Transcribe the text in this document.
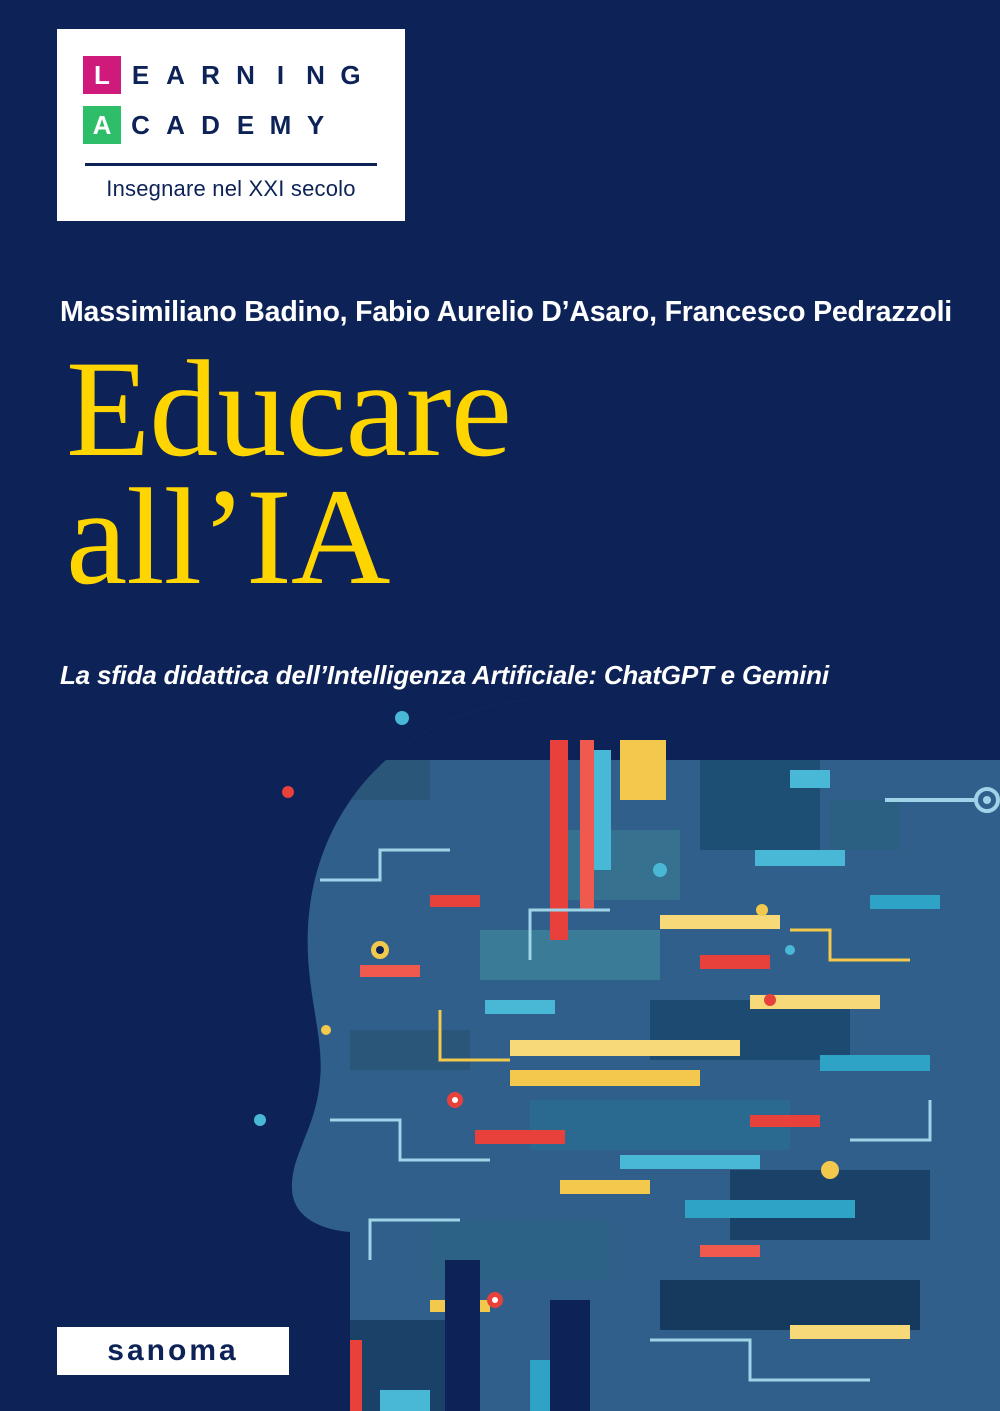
L E A R N I N G
A C A D E M Y
Insegnare nel XXI secolo
Massimiliano Badino, Fabio Aurelio D’Asaro, Francesco Pedrazzoli
Educare
all’IA
La sfida didattica dell’Intelligenza Artificiale: ChatGPT e Gemini
sanoma
